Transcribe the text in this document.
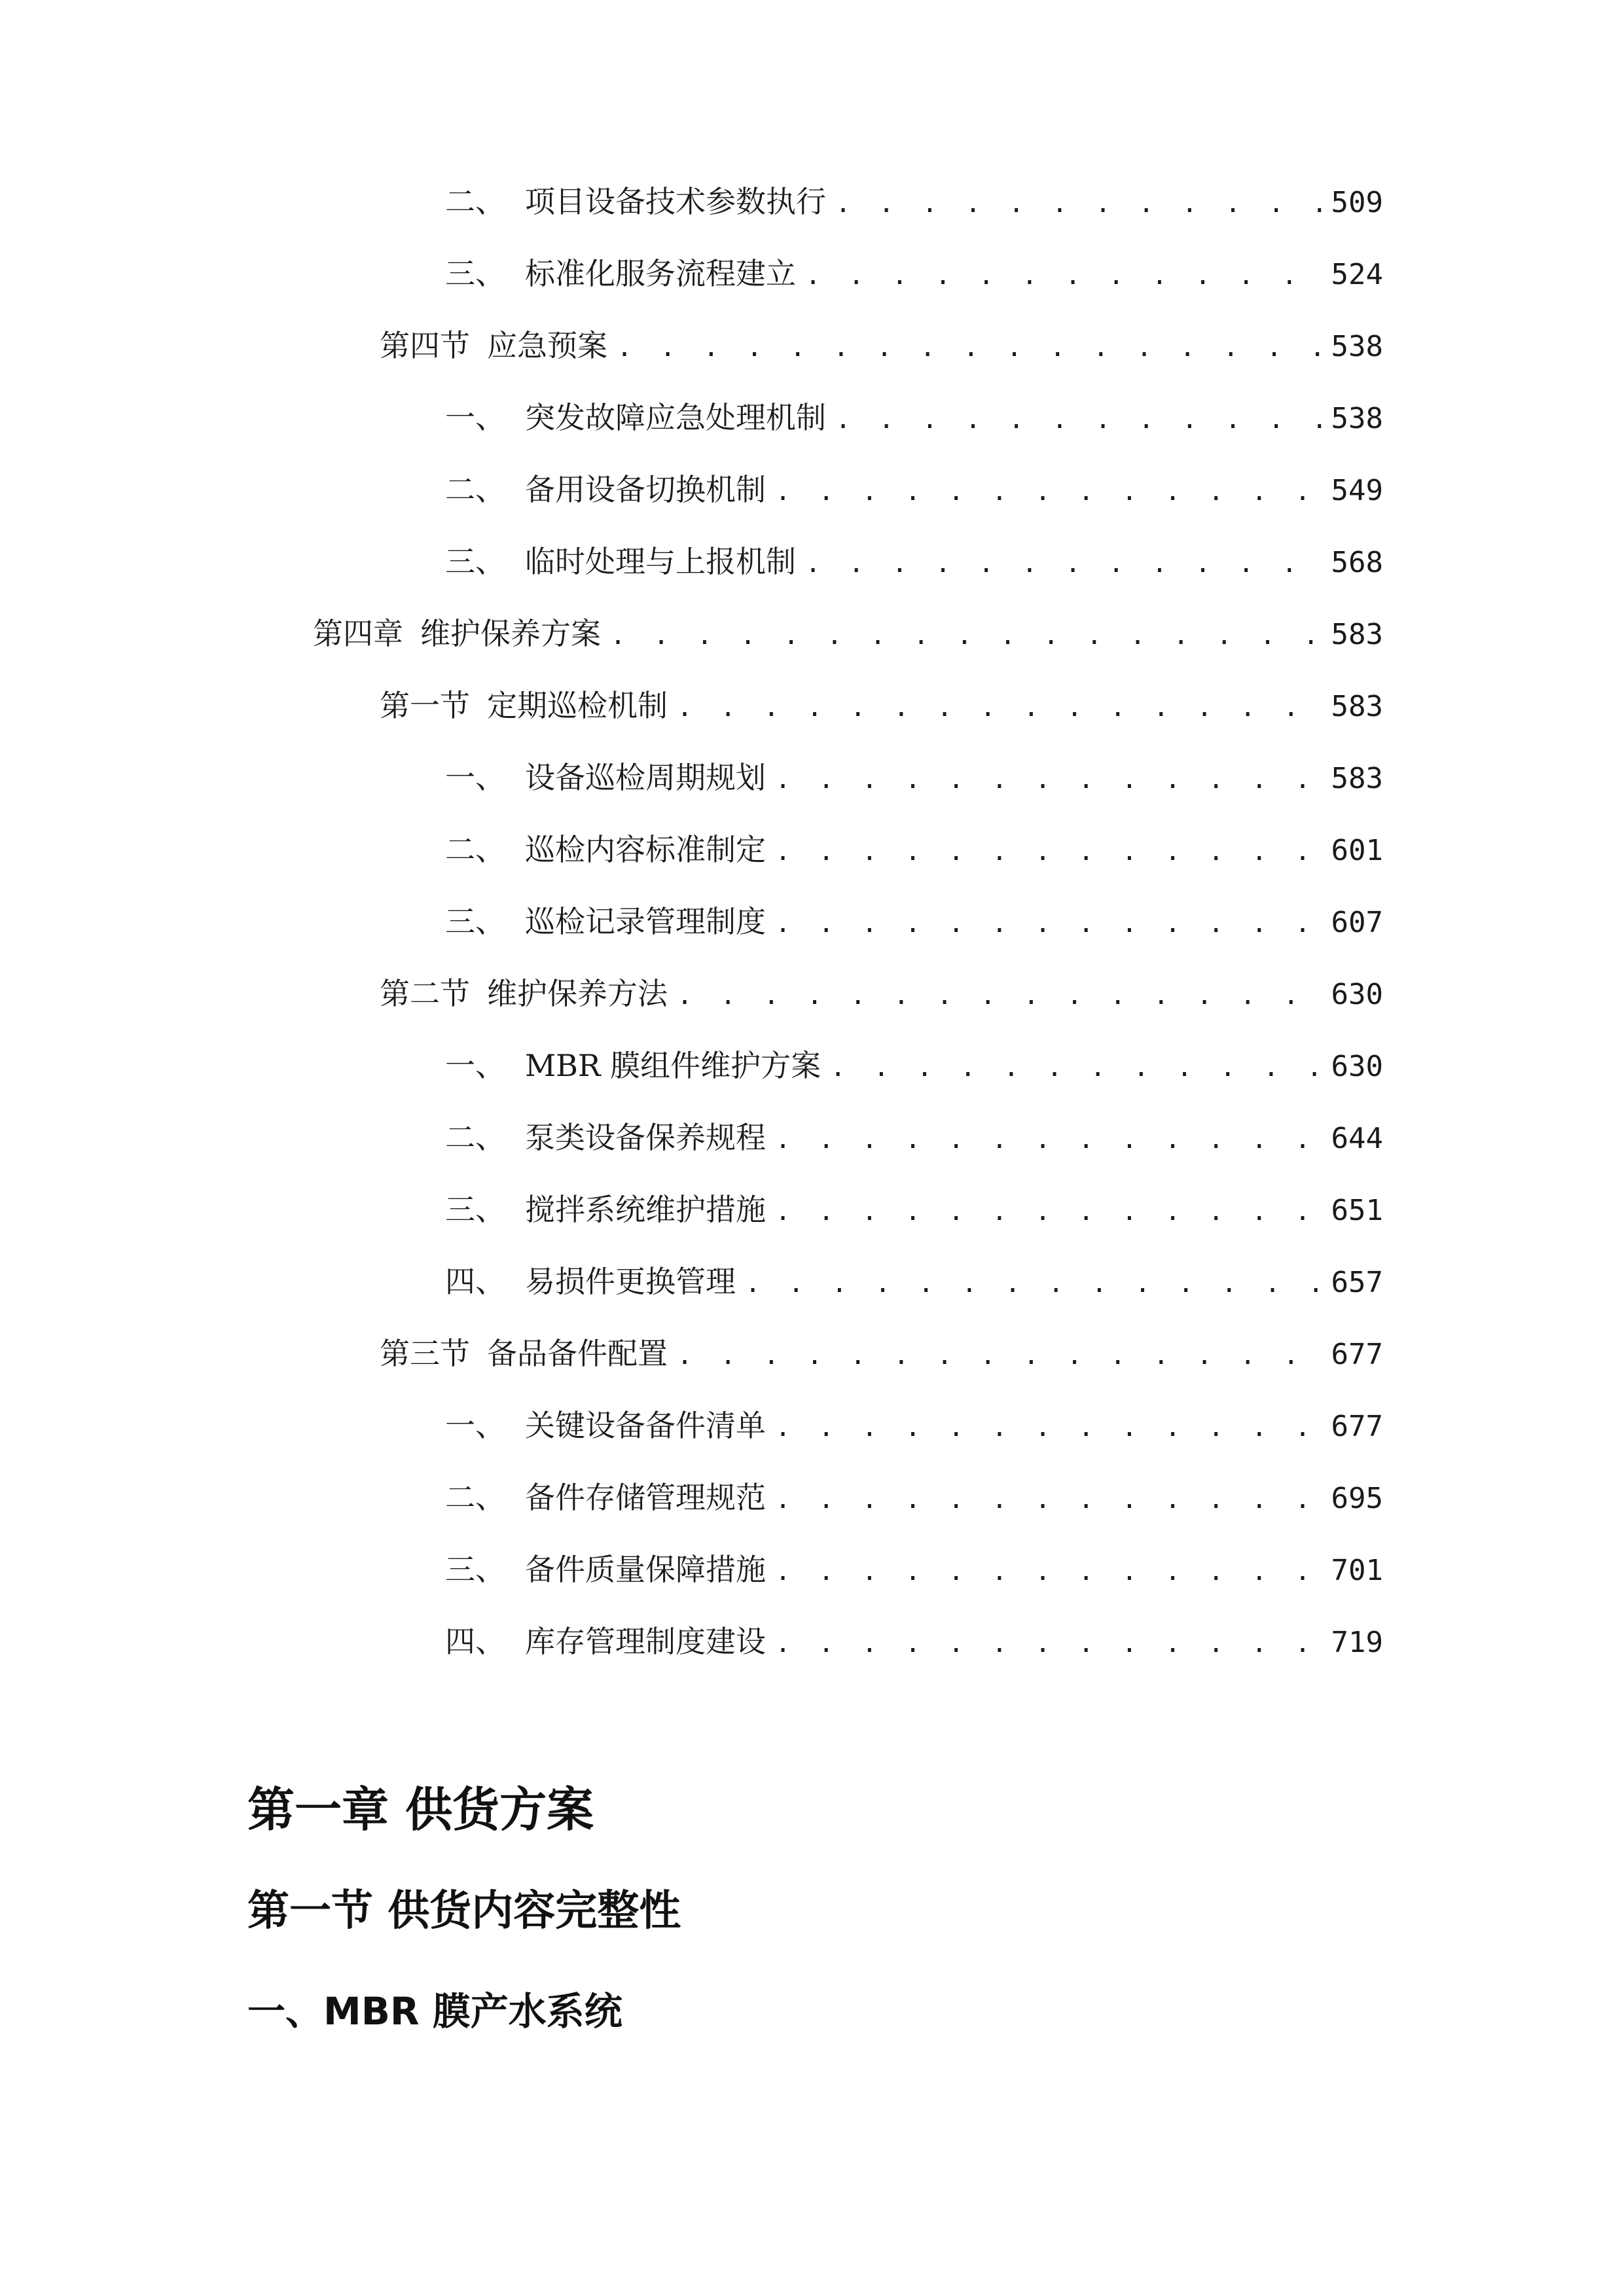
二、 项目设备技术参数执行 . . .	509
三、 标准化服务流程建立 . . .	524
第四节 应急预案 . . .	538
一、 突发故障应急处理机制 . . .	538
二、 备用设备切换机制 . . .	549
三、 临时处理与上报机制 . . .	568
第四章 维护保养方案 . . .	583
第一节 定期巡检机制 . . .	583
一、 设备巡检周期规划 . . .	583
二、 巡检内容标准制定 . . .	601
三、 巡检记录管理制度 . . .	607
第二节 维护保养方法 . . .	630
一、 MBR 膜组件维护方案 . . .	630
二、 泵类设备保养规程 . . .	644
三、 搅拌系统维护措施 . . .	651
四、 易损件更换管理 . . .	657
第三节 备品备件配置 . . .	677
一、 关键设备备件清单 . . .	677
二、 备件存储管理规范 . . .	695
三、 备件质量保障措施 . . .	701
四、 库存管理制度建设 . . .	719
第一章 供货方案
第一节 供货内容完整性
一、MBR 膜产水系统
